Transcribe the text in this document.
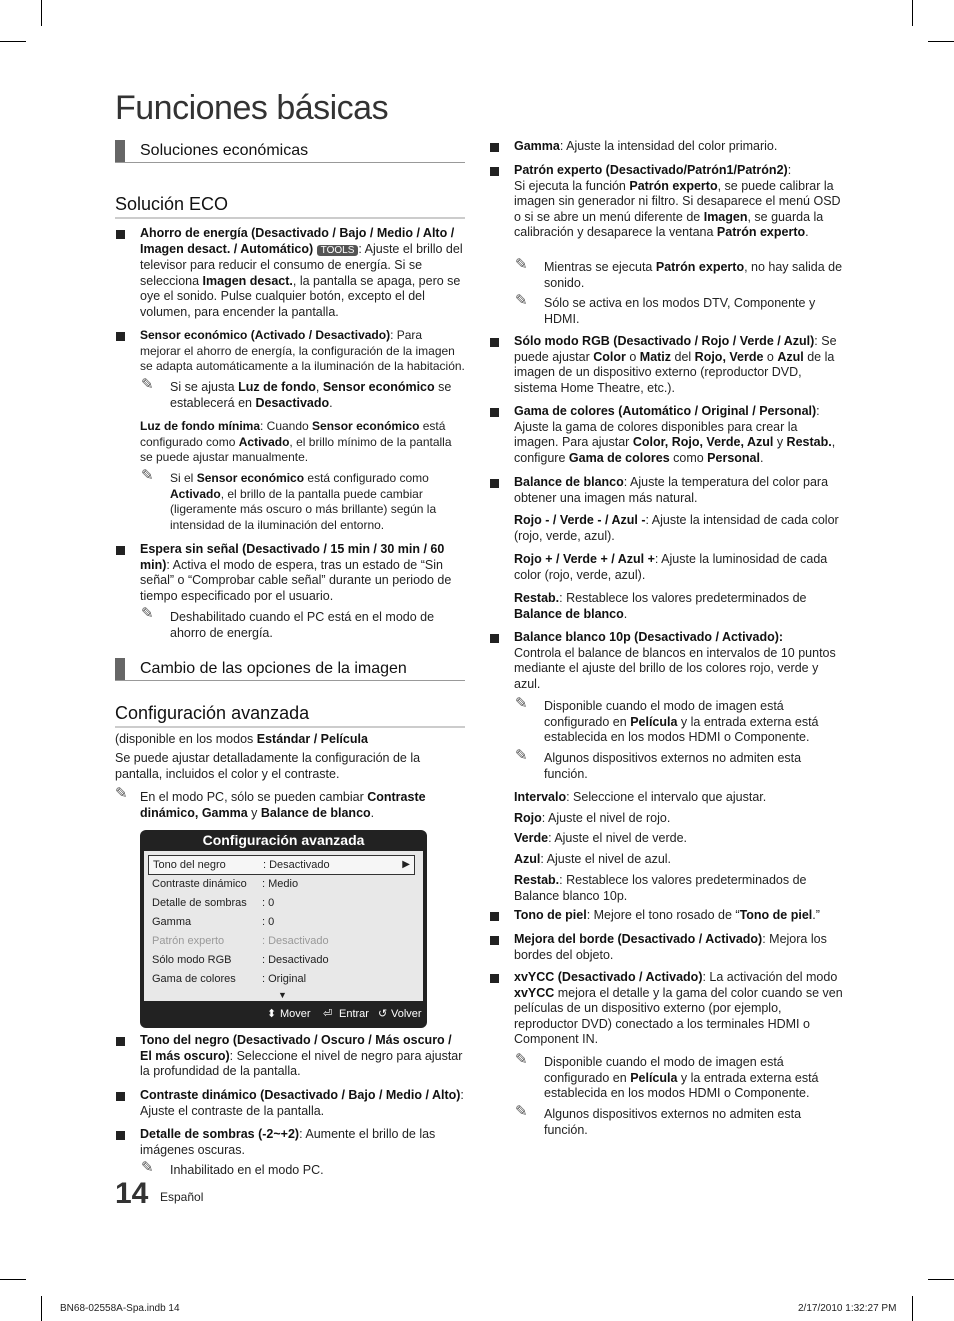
Funciones básicas
Soluciones económicas
Solución ECO
Ahorro de energía (Desactivado / Bajo / Medio / Alto / Imagen desact. / Automático) TOOLS : Ajuste el brillo del televisor para reducir el consumo de energía. Si se selecciona Imagen desact., la pantalla se apaga, pero se oye el sonido. Pulse cualquier botón, excepto el del volumen, para encender la pantalla.
Sensor económico (Activado / Desactivado): Para mejorar el ahorro de energía, la configuración de la imagen se adapta automáticamente a la iluminación de la habitación.
✎ Si se ajusta Luz de fondo, Sensor económico se establecerá en Desactivado.
Luz de fondo mínima: Cuando Sensor económico está configurado como Activado, el brillo mínimo de la pantalla se puede ajustar manualmente.
✎ Si el Sensor económico está configurado como Activado, el brillo de la pantalla puede cambiar (ligeramente más oscuro o más brillante) según la intensidad de la iluminación del entorno.
Espera sin señal (Desactivado / 15 min / 30 min / 60 min): Activa el modo de espera, tras un estado de “Sin señal” o “Comprobar cable señal” durante un periodo de tiempo especificado por el usuario.
✎ Deshabilitado cuando el PC está en el modo de ahorro de energía.
Cambio de las opciones de la imagen
Configuración avanzada
(disponible en los modos Estándar / Película
Se puede ajustar detalladamente la configuración de la pantalla, incluidos el color y el contraste.
✎ En el modo PC, sólo se pueden cambiar Contraste dinámico, Gamma y Balance de blanco.
Configuración avanzada
Tono del negro	: Desactivado	▶
Contraste dinámico : Medio
Detalle de sombras : 0
Gamma	: 0
Patrón experto	: Desactivado
Sólo modo RGB	: Desactivado
Gama de colores : Original
▼
⬍ Mover ⏎ Entrar ↺ Volver
Tono del negro (Desactivado / Oscuro / Más oscuro / El más oscuro): Seleccione el nivel de negro para ajustar la profundidad de la pantalla.
Contraste dinámico (Desactivado / Bajo / Medio / Alto): Ajuste el contraste de la pantalla.
Detalle de sombras (-2~+2): Aumente el brillo de las imágenes oscuras.
✎ Inhabilitado en el modo PC.
14 Español
Gamma: Ajuste la intensidad del color primario.
Patrón experto (Desactivado/Patrón1/Patrón2):
Si ejecuta la función Patrón experto, se puede calibrar la imagen sin generador ni filtro. Si desaparece el menú OSD o si se abre un menú diferente de Imagen, se guarda la calibración y desaparece la ventana Patrón experto.
✎ Mientras se ejecuta Patrón experto, no hay salida de sonido.
✎ Sólo se activa en los modos DTV, Componente y HDMI.
Sólo modo RGB (Desactivado / Rojo / Verde / Azul): Se puede ajustar Color o Matiz del Rojo, Verde o Azul de la imagen de un dispositivo externo (reproductor DVD, sistema Home Theatre, etc.).
Gama de colores (Automático / Original / Personal): Ajuste la gama de colores disponibles para crear la imagen. Para ajustar Color, Rojo, Verde, Azul y Restab., configure Gama de colores como Personal.
Balance de blanco: Ajuste la temperatura del color para obtener una imagen más natural.
Rojo - / Verde - / Azul -: Ajuste la intensidad de cada color (rojo, verde, azul).
Rojo + / Verde + / Azul +: Ajuste la luminosidad de cada color (rojo, verde, azul).
Restab.: Restablece los valores predeterminados de Balance de blanco.
Balance blanco 10p (Desactivado / Activado):
Controla el balance de blancos en intervalos de 10 puntos mediante el ajuste del brillo de los colores rojo, verde y azul.
✎ Disponible cuando el modo de imagen está configurado en Película y la entrada externa está establecida en los modos HDMI o Componente.
✎ Algunos dispositivos externos no admiten esta función.
Intervalo: Seleccione el intervalo que ajustar.
Rojo: Ajuste el nivel de rojo.
Verde: Ajuste el nivel de verde.
Azul: Ajuste el nivel de azul.
Restab.: Restablece los valores predeterminados de Balance blanco 10p.
Tono de piel: Mejore el tono rosado de “Tono de piel.”
Mejora del borde (Desactivado / Activado): Mejora los bordes del objeto.
xvYCC (Desactivado / Activado): La activación del modo xvYCC mejora el detalle y la gama del color cuando se ven películas de un dispositivo externo (por ejemplo, reproductor DVD) conectado a los terminales HDMI o Component IN.
✎ Disponible cuando el modo de imagen está configurado en Película y la entrada externa está establecida en los modos HDMI o Componente.
✎ Algunos dispositivos externos no admiten esta función.
BN68-02558A-Spa.indb 14	2/17/2010 1:32:27 PM
